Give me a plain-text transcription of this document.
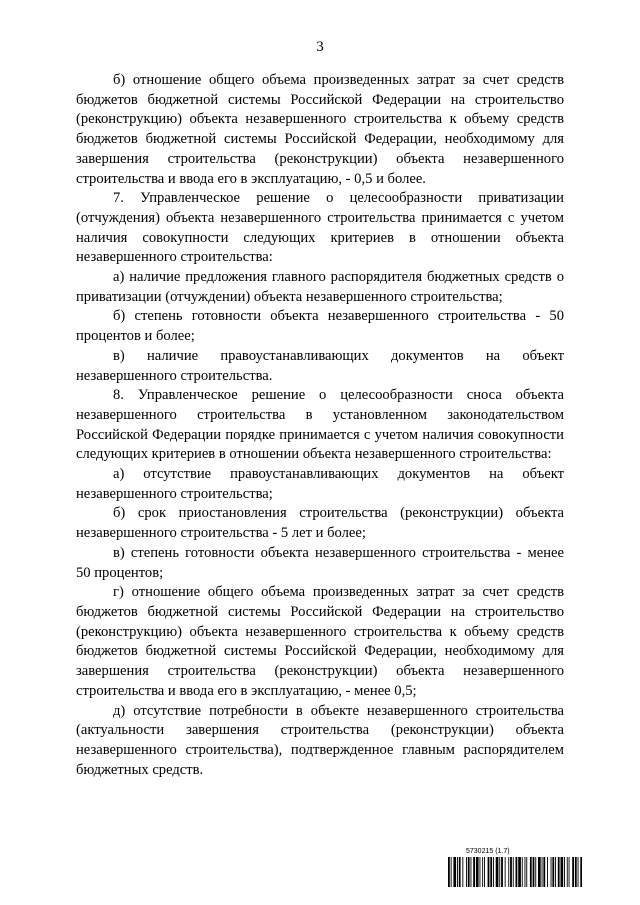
3

б) отношение общего объема произведенных затрат за счет средств бюджетов бюджетной системы Российской Федерации на строительство (реконструкцию) объекта незавершенного строительства к объему средств бюджетов бюджетной системы Российской Федерации, необходимому для завершения строительства (реконструкции) объекта незавершенного строительства и ввода его в эксплуатацию, - 0,5 и более.

7. Управленческое решение о целесообразности приватизации (отчуждения) объекта незавершенного строительства принимается с учетом наличия совокупности следующих критериев в отношении объекта незавершенного строительства:

а) наличие предложения главного распорядителя бюджетных средств о приватизации (отчуждении) объекта незавершенного строительства;

б) степень готовности объекта незавершенного строительства - 50 процентов и более;

в) наличие правоустанавливающих документов на объект незавершенного строительства.

8. Управленческое решение о целесообразности сноса объекта незавершенного строительства в установленном законодательством Российской Федерации порядке принимается с учетом наличия совокупности следующих критериев в отношении объекта незавершенного строительства:

а) отсутствие правоустанавливающих документов на объект незавершенного строительства;

б) срок приостановления строительства (реконструкции) объекта незавершенного строительства - 5 лет и более;

в) степень готовности объекта незавершенного строительства - менее 50 процентов;

г) отношение общего объема произведенных затрат за счет средств бюджетов бюджетной системы Российской Федерации на строительство (реконструкцию) объекта незавершенного строительства к объему средств бюджетов бюджетной системы Российской Федерации, необходимому для завершения строительства (реконструкции) объекта незавершенного строительства и ввода его в эксплуатацию, - менее 0,5;

д) отсутствие потребности в объекте незавершенного строительства (актуальности завершения строительства (реконструкции) объекта незавершенного строительства), подтвержденное главным распорядителем бюджетных средств.

5730215 (1.7)
